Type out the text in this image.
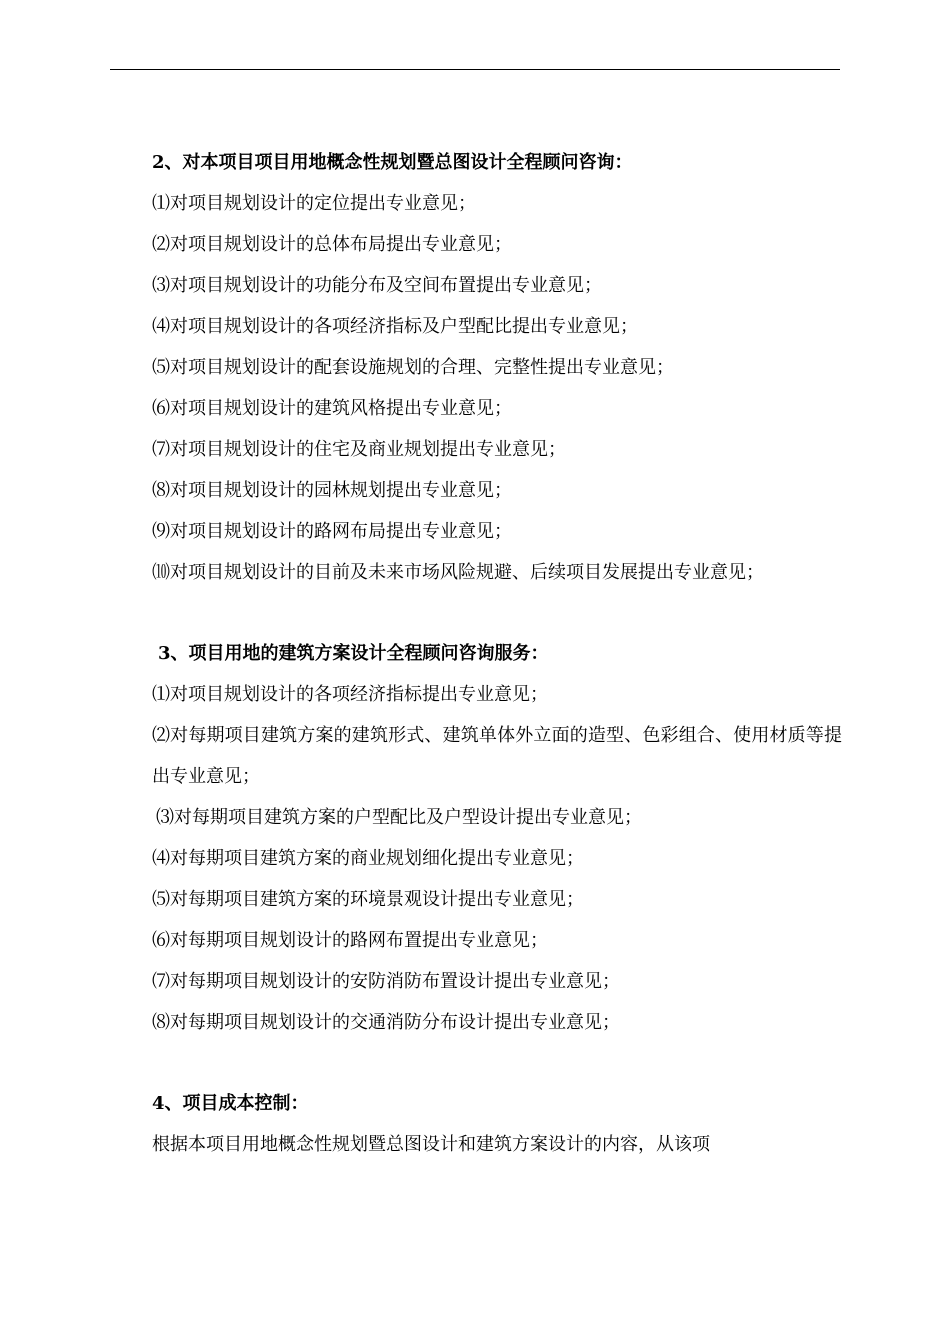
2、对本项目项目用地概念性规划暨总图设计全程顾问咨询：

⑴对项目规划设计的定位提出专业意见；

⑵对项目规划设计的总体布局提出专业意见；

⑶对项目规划设计的功能分布及空间布置提出专业意见；

⑷对项目规划设计的各项经济指标及户型配比提出专业意见；

⑸对项目规划设计的配套设施规划的合理、完整性提出专业意见；

⑹对项目规划设计的建筑风格提出专业意见；

⑺对项目规划设计的住宅及商业规划提出专业意见；

⑻对项目规划设计的园林规划提出专业意见；

⑼对项目规划设计的路网布局提出专业意见；

⑽对项目规划设计的目前及未来市场风险规避、后续项目发展提出专业意见；

3、项目用地的建筑方案设计全程顾问咨询服务：

⑴对项目规划设计的各项经济指标提出专业意见；

⑵对每期项目建筑方案的建筑形式、建筑单体外立面的造型、色彩组合、使用材质等提出专业意见；

⑶对每期项目建筑方案的户型配比及户型设计提出专业意见；

⑷对每期项目建筑方案的商业规划细化提出专业意见；

⑸对每期项目建筑方案的环境景观设计提出专业意见；

⑹对每期项目规划设计的路网布置提出专业意见；

⑺对每期项目规划设计的安防消防布置设计提出专业意见；

⑻对每期项目规划设计的交通消防分布设计提出专业意见；

4、项目成本控制：

根据本项目用地概念性规划暨总图设计和建筑方案设计的内容，从该项
